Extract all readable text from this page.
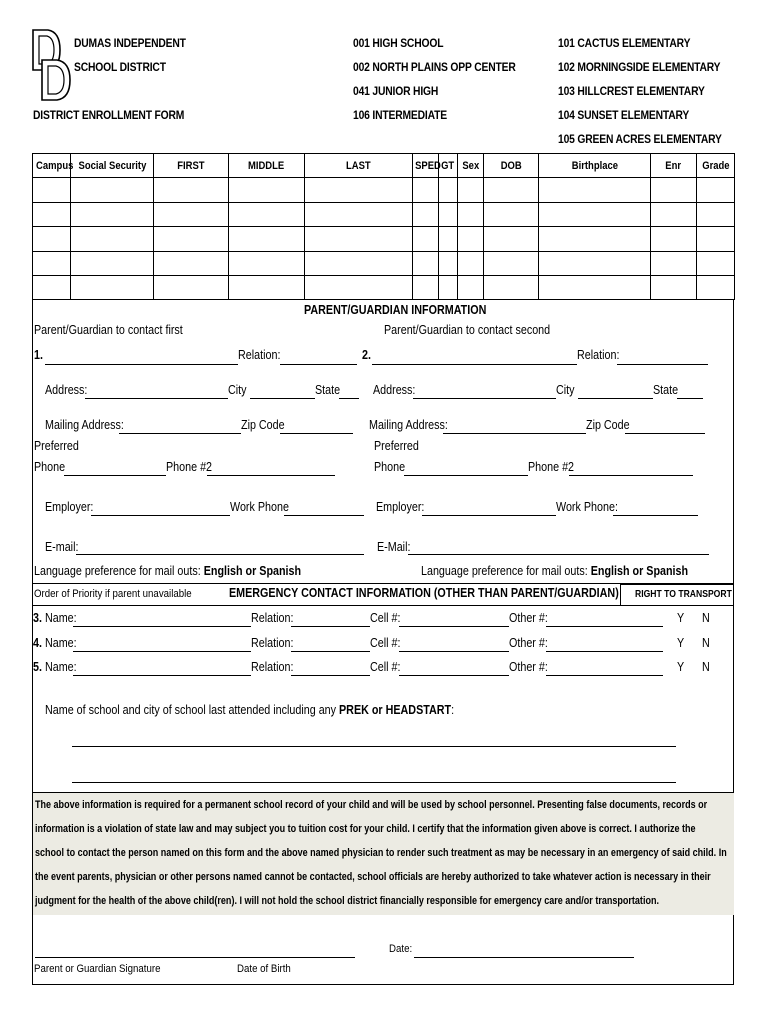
DUMAS INDEPENDENT
SCHOOL DISTRICT
DISTRICT ENROLLMENT FORM
001 HIGH SCHOOL
002 NORTH PLAINS OPP CENTER
041 JUNIOR HIGH
106 INTERMEDIATE
101 CACTUS ELEMENTARY
102 MORNINGSIDE ELEMENTARY
103 HILLCREST ELEMENTARY
104 SUNSET ELEMENTARY
105 GREEN ACRES ELEMENTARY
Campus	Social Security	FIRST	MIDDLE	LAST	SPED	GT	Sex	DOB	Birthplace	Enr	Grade

PARENT/GUARDIAN INFORMATION
Parent/Guardian to contact first	Parent/Guardian to contact second
1.	Relation:	2.	Relation:
Address:	City	State	Address:	City	State
Mailing Address:	Zip Code	Mailing Address:	Zip Code
Preferred	Preferred
Phone	Phone #2	Phone	Phone #2
Employer:	Work Phone	Employer:	Work Phone:
E-mail:	E-Mail:
Language preference for mail outs: English or Spanish	Language preference for mail outs: English or Spanish
Order of Priority if parent unavailable	EMERGENCY CONTACT INFORMATION (OTHER THAN PARENT/GUARDIAN) RIGHT TO TRANSPORT
3. Name:	Relation:	Cell #:	Other #:	Y N
4. Name:	Relation:	Cell #:	Other #:	Y N
5. Name:	Relation:	Cell #:	Other #:	Y N
Name of school and city of school last attended including any PREK or HEADSTART:
The above information is required for a permanent school record of your child and will be used by school personnel. Presenting false documents, records or
information is a violation of state law and may subject you to tuition cost for your child. I certify that the information given above is correct. I authorize the
school to contact the person named on this form and the above named physician to render such treatment as may be necessary in an emergency of said child. In
the event parents, physician or other persons named cannot be contacted, school officials are hereby authorized to take whatever action is necessary in their
judgment for the health of the above child(ren). I will not hold the school district financially responsible for emergency care and/or transportation.
Date:
Parent or Guardian Signature	Date of Birth
